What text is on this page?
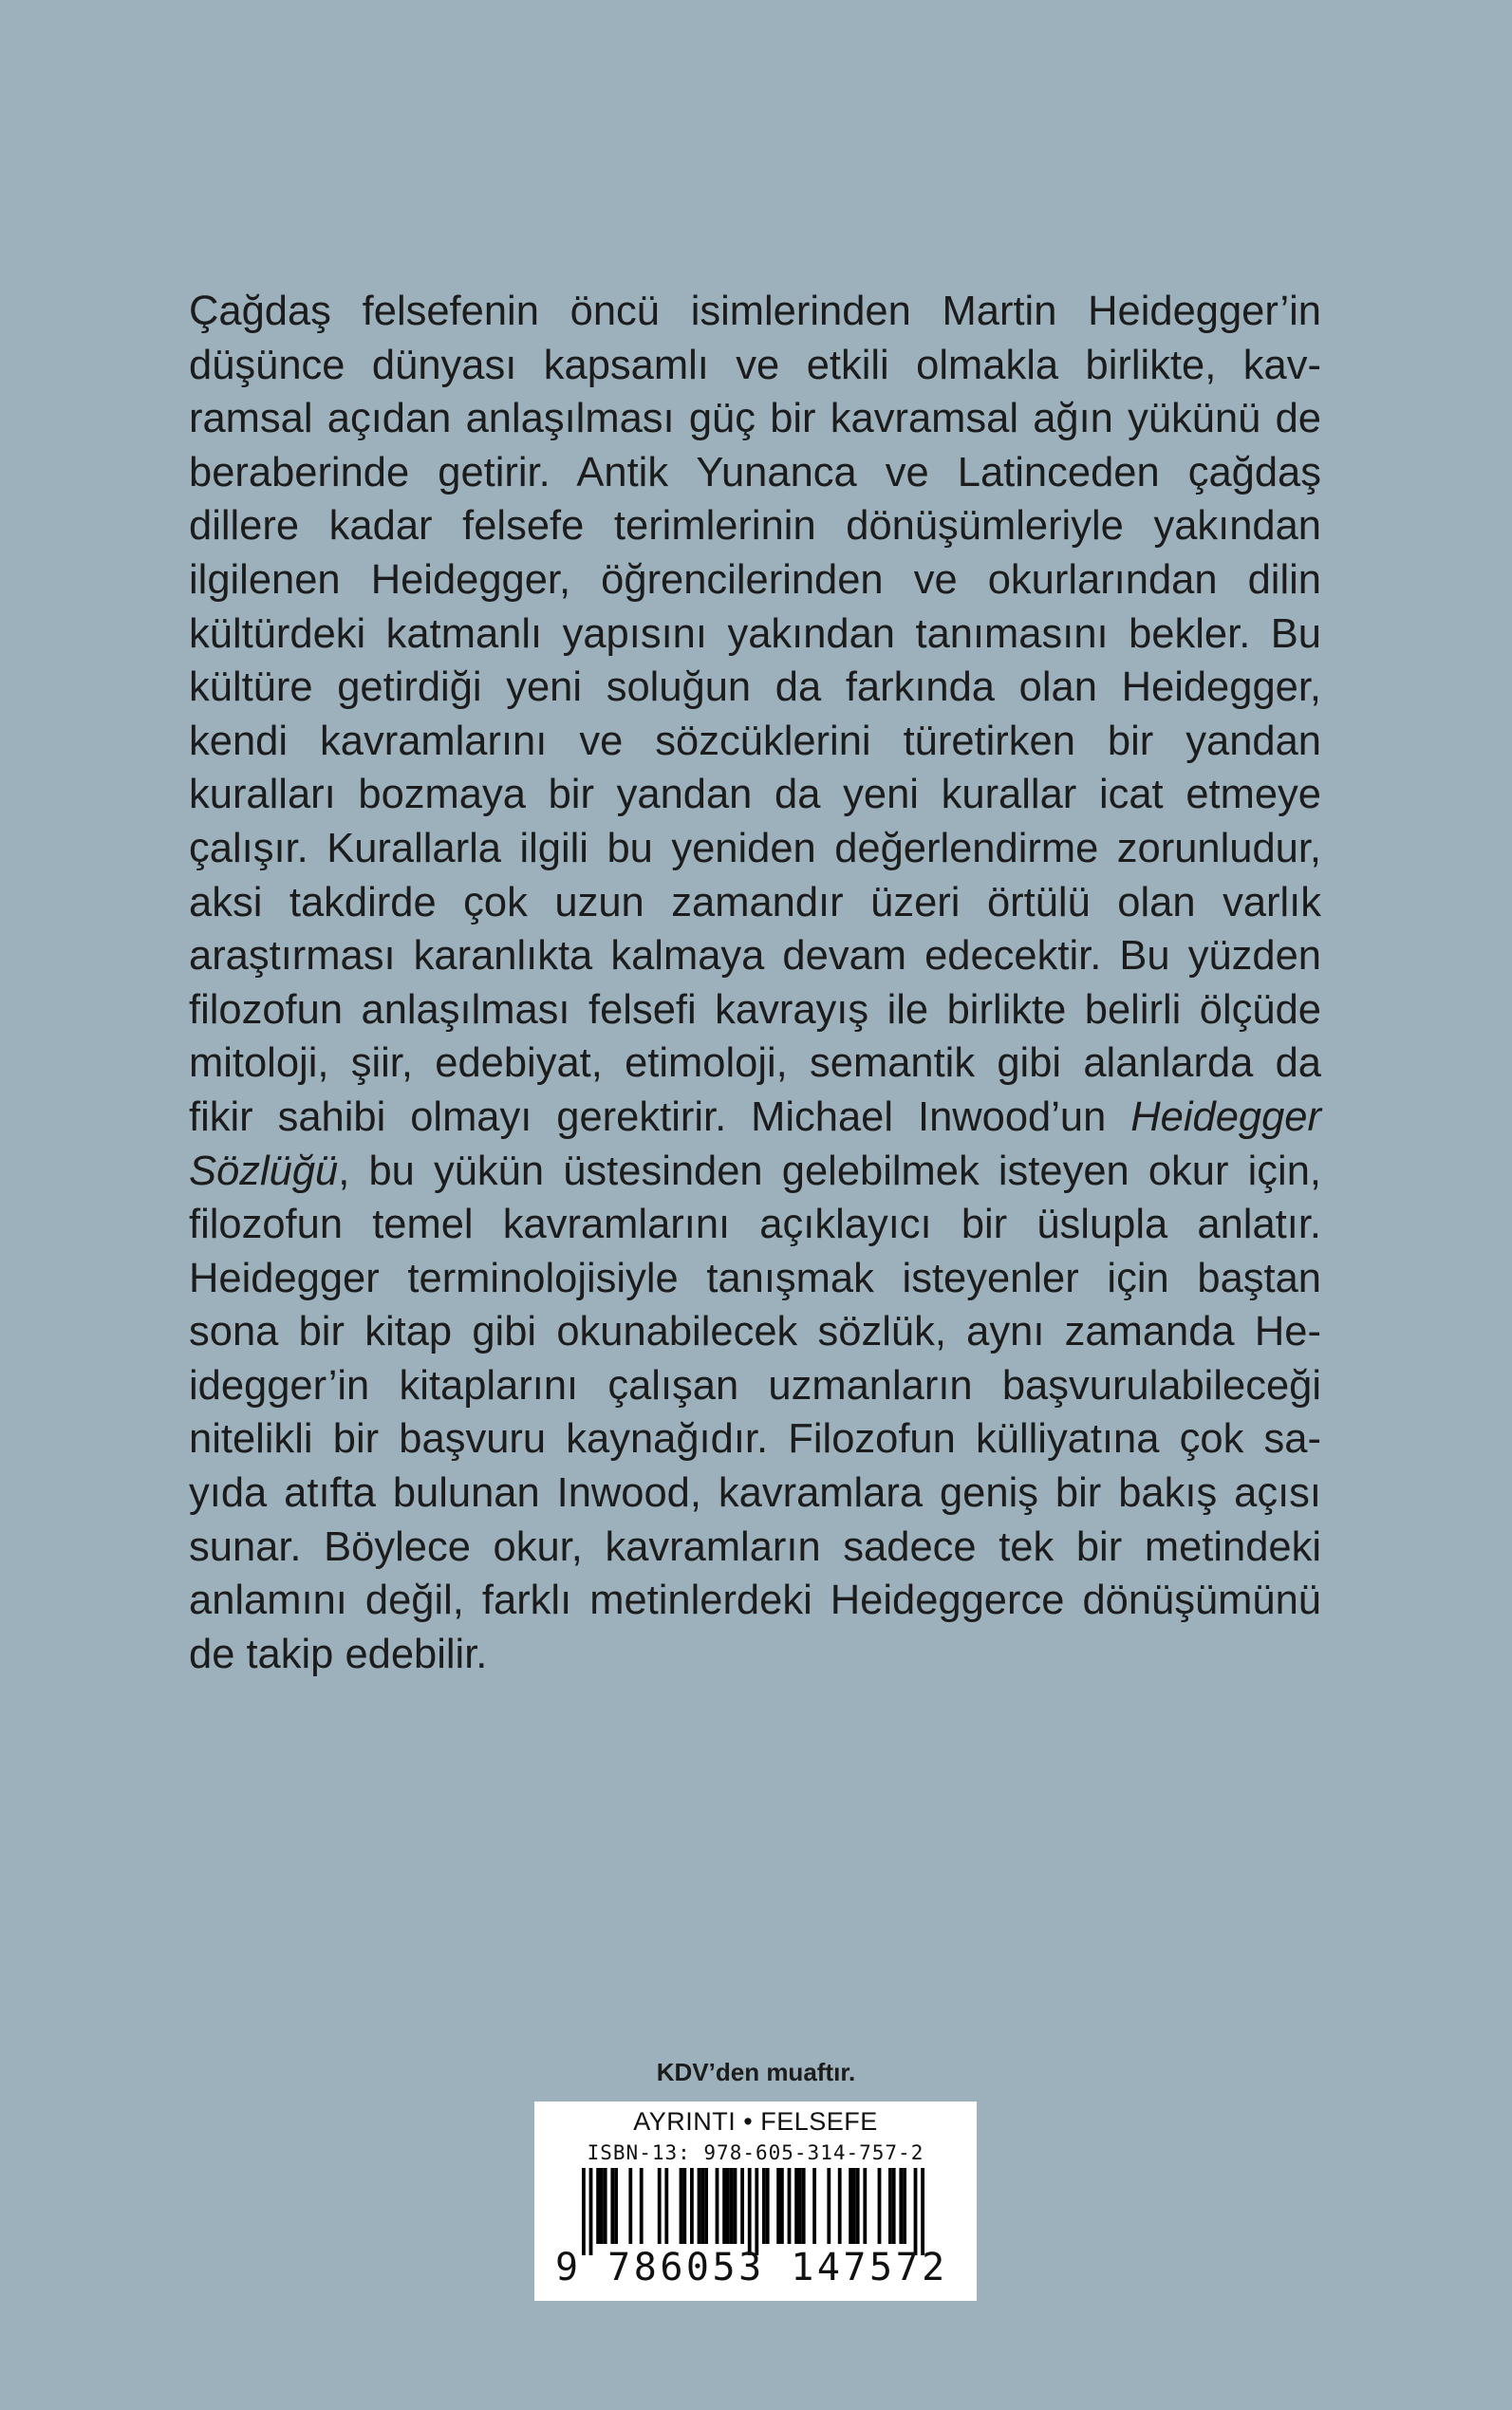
Çağdaş felsefenin öncü isimlerinden Martin Heidegger’in düşünce dünyası kapsamlı ve etkili olmakla birlikte, kavramsal açıdan anlaşılması güç bir kavramsal ağın yükünü de beraberinde getirir. Antik Yunanca ve Latinceden çağdaş dillere kadar felsefe terimlerinin dönüşümleriyle yakından ilgilenen Heidegger, öğrencilerinden ve okurlarından dilin kültürdeki katmanlı yapısını yakından tanımasını bekler. Bu kültüre getirdiği yeni soluğun da farkında olan Heidegger, kendi kavramlarını ve sözcüklerini türetirken bir yandan kuralları bozmaya bir yandan da yeni kurallar icat etmeye çalışır. Kurallarla ilgili bu yeniden değerlendirme zorunludur, aksi takdirde çok uzun zamandır üzeri örtülü olan varlık araştırması karanlıkta kalmaya devam edecektir. Bu yüzden filozofun anlaşılması felsefi kavrayış ile birlikte belirli ölçüde mitoloji, şiir, edebiyat, etimoloji, semantik gibi alanlarda da fikir sahibi olmayı gerektirir. Michael Inwood’un Heidegger Sözlüğü, bu yükün üstesinden gelebilmek isteyen okur için, filozofun temel kavramlarını açıklayıcı bir üslupla anlatır. Heidegger terminolojisiyle tanışmak isteyenler için baştan sona bir kitap gibi okunabilecek sözlük, aynı zamanda Heidegger’in kitaplarını çalışan uzmanların başvurulabileceği nitelikli bir başvuru kaynağıdır. Filozofun külliyatına çok sayıda atıfta bulunan Inwood, kavramlara geniş bir bakış açısı sunar. Böylece okur, kavramların sadece tek bir metindeki anlamını değil, farklı metinlerdeki Heideggerce dönüşümünü de takip edebilir.
KDV’den muaftır.
AYRINTI • FELSEFE
ISBN-13: 978-605-314-757-2
9 786053 147572
